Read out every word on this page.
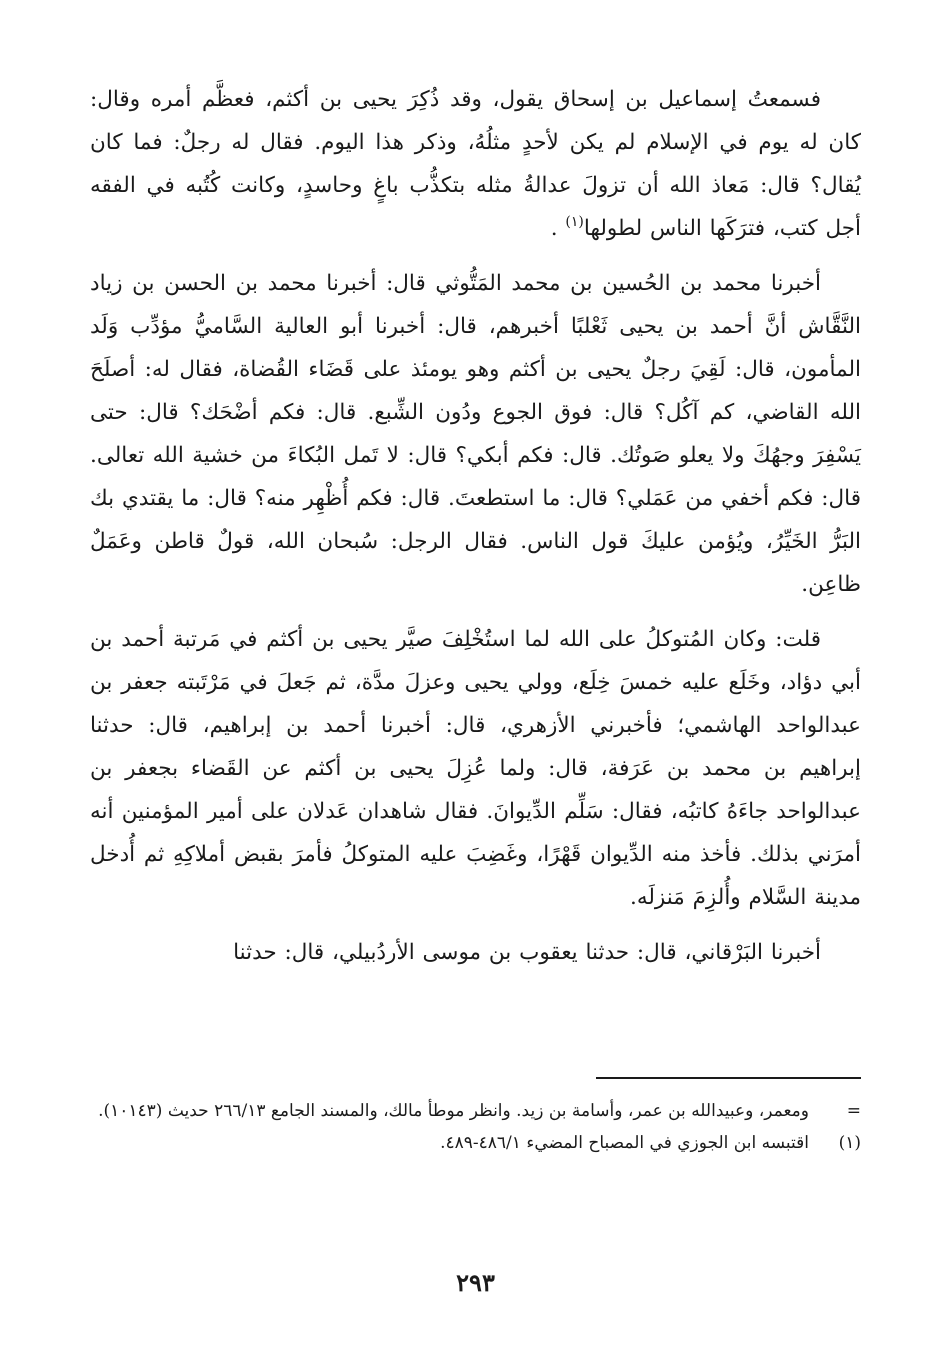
فسمعتُ إسماعيل بن إسحاق يقول، وقد ذُكِرَ يحيى بن أكثم، فعظَّم أمره وقال: كان له يوم في الإسلام لم يكن لأحدٍ مثلُهُ، وذكر هذا اليوم. فقال له رجلٌ: فما كان يُقال؟ قال: مَعاذ الله أن تزولَ عدالةُ مثله بتكذُّب باغٍ وحاسدٍ، وكانت كُتُبه في الفقه أجل كتب، فترَكَها الناس لطولها$^{(١)}$ .

أخبرنا محمد بن الحُسين بن محمد المَتُّوثي قال: أخبرنا محمد بن الحسن بن زياد النَّقَّاش أنَّ أحمد بن يحيى ثَعْلبًا أخبرهم، قال: أخبرنا أبو العالية السَّاميُّ مؤدِّب وَلَد المأمون، قال: لَقِيَ رجلٌ يحيى بن أكثم وهو يومئذ على قَضَاء القُضاة، فقال له: أصلَحَ الله القاضي، كم آكُل؟ قال: فوق الجوع ودُون الشِّبع. قال: فكم أضْحَك؟ قال: حتى يَسْفِرَ وجهُكَ ولا يعلو صَوتُك. قال: فكم أبكي؟ قال: لا تَمل البُكاءَ من خشية الله تعالى. قال: فكم أخفي من عَمَلي؟ قال: ما استطعتَ. قال: فكم أُظْهِر منه؟ قال: ما يقتدي بك البَرُّ الخَيِّرُ، ويُؤمن عليكَ قول الناس. فقال الرجل: سُبحان الله، قولٌ قاطن وعَمَلٌ ظاعِن.

قلت: وكان المُتوكلُ على الله لما استُخْلِفَ صيَّر يحيى بن أكثم في مَرتبة أحمد بن أبي دؤاد، وخَلَع عليه خمسَ خِلَع، وولي يحيى وعزلَ مدَّة، ثم جَعلَ في مَرْتَبته جعفر بن عبدالواحد الهاشمي؛ فأخبرني الأزهري، قال: أخبرنا أحمد بن إبراهيم، قال: حدثنا إبراهيم بن محمد بن عَرَفة، قال: ولما عُزِلَ يحيى بن أكثم عن القَضاء بجعفر بن عبدالواحد جاءَهُ كاتبُه، فقال: سَلِّم الدِّيوانَ. فقال شاهدان عَدلان على أمير المؤمنين أنه أمرَني بذلك. فأخذ منه الدِّيوان قَهْرًا، وغَضِبَ عليه المتوكلُ فأمرَ بقبض أملاكِهِ ثم أُدخل مدينة السَّلام وأُلزِمَ مَنزلَه.

أخبرنا البَرْقاني، قال: حدثنا يعقوب بن موسى الأردُبيلي، قال: حدثنا

=
ومعمر، وعبيدالله بن عمر، وأسامة بن زيد. وانظر موطأ مالك، والمسند الجامع ٢٦٦/١٣ حديث (١٠١٤٣).
(١)
اقتبسه ابن الجوزي في المصباح المضيء ٤٨٦/١-٤٨٩.
٢٩٣
